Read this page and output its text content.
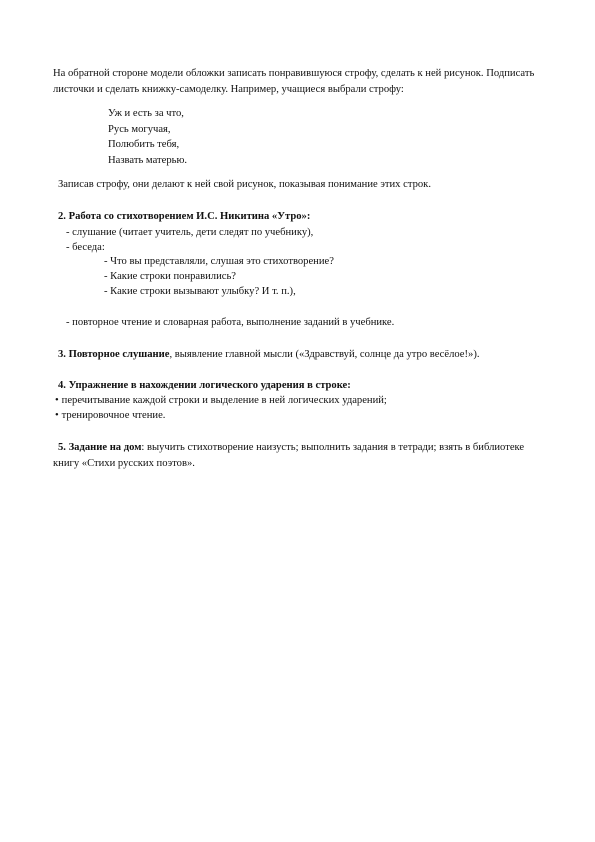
На обратной стороне модели обложки записать понравившуюся строфу, сделать к ней рисунок. Подписать

листочки и сделать книжку-самоделку. Например, учащиеся выбрали строфу:

Уж и есть за что,
Русь могучая,
Полюбить тебя,
Назвать матерью.

Записав строфу, они делают к ней свой рисунок, показывая понимание этих строк.

2. Работа со стихотворением И.С. Никитина «Утро»:

- слушание (читает учитель, дети следят по учебнику),
- беседа:
- Что вы представляли, слушая это стихотворение?
- Какие строки понравились?
- Какие строки вызывают улыбку? И т. п.),

- повторное чтение и словарная работа, выполнение заданий в учебнике.

3. Повторное слушание, выявление главной мысли («Здравствуй, солнце да утро весёлое!»).

4. Упражнение в нахождении логического ударения в строке:

• перечитывание каждой строки и выделение в ней логических ударений;
• тренировочное чтение.

5. Задание на дом: выучить стихотворение наизусть; выполнить задания в тетради; взять в библиотеке

книгу «Стихи русских поэтов».
